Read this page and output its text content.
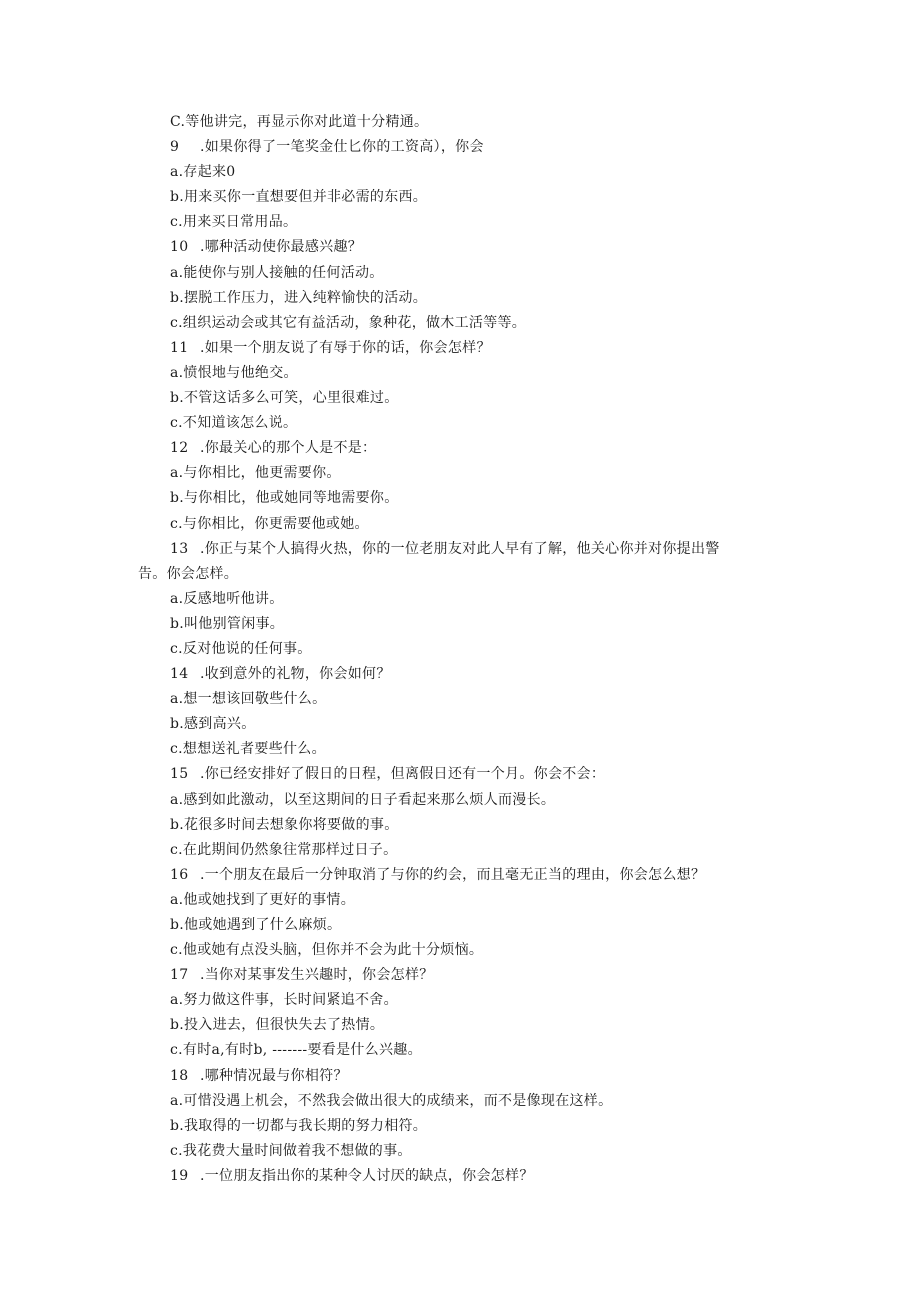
C.等他讲完，再显示你对此道十分精通。
9 .如果你得了一笔奖金仕匕你的工资高），你会
a.存起来0
b.用来买你一直想要但并非必需的东西。
c.用来买日常用品。
10 .哪种活动使你最感兴趣？
a.能使你与别人接触的任何活动。
b.摆脱工作压力，进入纯粹愉快的活动。
c.组织运动会或其它有益活动，象种花，做木工活等等。
11 .如果一个朋友说了有辱于你的话，你会怎样？
a.愤恨地与他绝交。
b.不管这话多么可笑，心里很难过。
c.不知道该怎么说。
12 .你最关心的那个人是不是：
a.与你相比，他更需要你。
b.与你相比，他或她同等地需要你。
c.与你相比，你更需要他或她。
13 .你正与某个人搞得火热，你的一位老朋友对此人早有了解，他关心你并对你提出警
告。你会怎样。
a.反感地听他讲。
b.叫他别管闲事。
c.反对他说的任何事。
14 .收到意外的礼物，你会如何？
a.想一想该回敬些什么。
b.感到高兴。
c.想想送礼者要些什么。
15 .你已经安排好了假日的日程，但离假日还有一个月。你会不会：
a.感到如此激动，以至这期间的日子看起来那么烦人而漫长。
b.花很多时间去想象你将要做的事。
c.在此期间仍然象往常那样过日子。
16 .一个朋友在最后一分钟取消了与你的约会，而且毫无正当的理由，你会怎么想？
a.他或她找到了更好的事情。
b.他或她遇到了什么麻烦。
c.他或她有点没头脑，但你并不会为此十分烦恼。
17 .当你对某事发生兴趣时，你会怎样？
a.努力做这件事，长时间紧追不舍。
b.投入进去，但很快失去了热情。
c.有时a,有时b, -------要看是什么兴趣。
18 .哪种情况最与你相符？
a.可惜没遇上机会，不然我会做出很大的成绩来，而不是像现在这样。
b.我取得的一切都与我长期的努力相符。
c.我花费大量时间做着我不想做的事。
19 .一位朋友指出你的某种令人讨厌的缺点，你会怎样？
